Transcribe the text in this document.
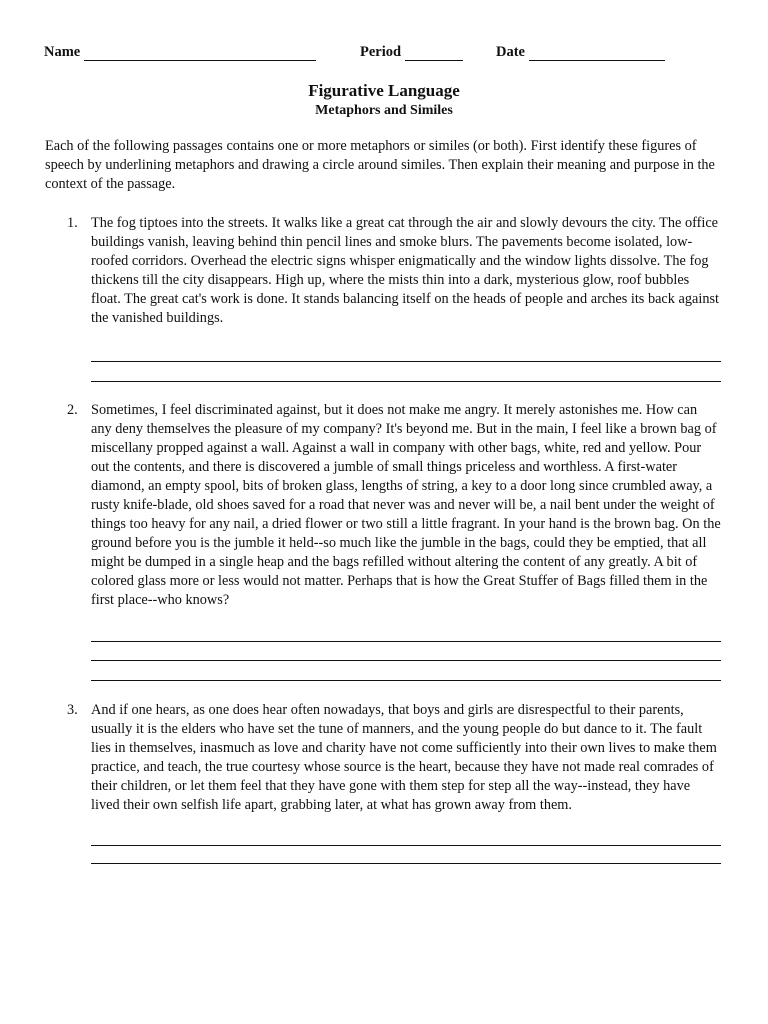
Name	Period	Date
Figurative Language
Metaphors and Similes
Each of the following passages contains one or more metaphors or similes (or both). First identify these figures of speech by underlining metaphors and drawing a circle around similes. Then explain their meaning and purpose in the context of the passage.
1. The fog tiptoes into the streets. It walks like a great cat through the air and slowly devours the city. The office buildings vanish, leaving behind thin pencil lines and smoke blurs. The pavements become isolated, low-roofed corridors. Overhead the electric signs whisper enigmatically and the window lights dissolve. The fog thickens till the city disappears. High up, where the mists thin into a dark, mysterious glow, roof bubbles float. The great cat's work is done. It stands balancing itself on the heads of people and arches its back against the vanished buildings.
2. Sometimes, I feel discriminated against, but it does not make me angry. It merely astonishes me. How can any deny themselves the pleasure of my company? It's beyond me. But in the main, I feel like a brown bag of miscellany propped against a wall. Against a wall in company with other bags, white, red and yellow. Pour out the contents, and there is discovered a jumble of small things priceless and worthless. A first-water diamond, an empty spool, bits of broken glass, lengths of string, a key to a door long since crumbled away, a rusty knife-blade, old shoes saved for a road that never was and never will be, a nail bent under the weight of things too heavy for any nail, a dried flower or two still a little fragrant. In your hand is the brown bag. On the ground before you is the jumble it held--so much like the jumble in the bags, could they be emptied, that all might be dumped in a single heap and the bags refilled without altering the content of any greatly. A bit of colored glass more or less would not matter. Perhaps that is how the Great Stuffer of Bags filled them in the first place--who knows?
3. And if one hears, as one does hear often nowadays, that boys and girls are disrespectful to their parents, usually it is the elders who have set the tune of manners, and the young people do but dance to it. The fault lies in themselves, inasmuch as love and charity have not come sufficiently into their own lives to make them practice, and teach, the true courtesy whose source is the heart, because they have not made real comrades of their children, or let them feel that they have gone with them step for step all the way--instead, they have lived their own selfish life apart, grabbing later, at what has grown away from them.
